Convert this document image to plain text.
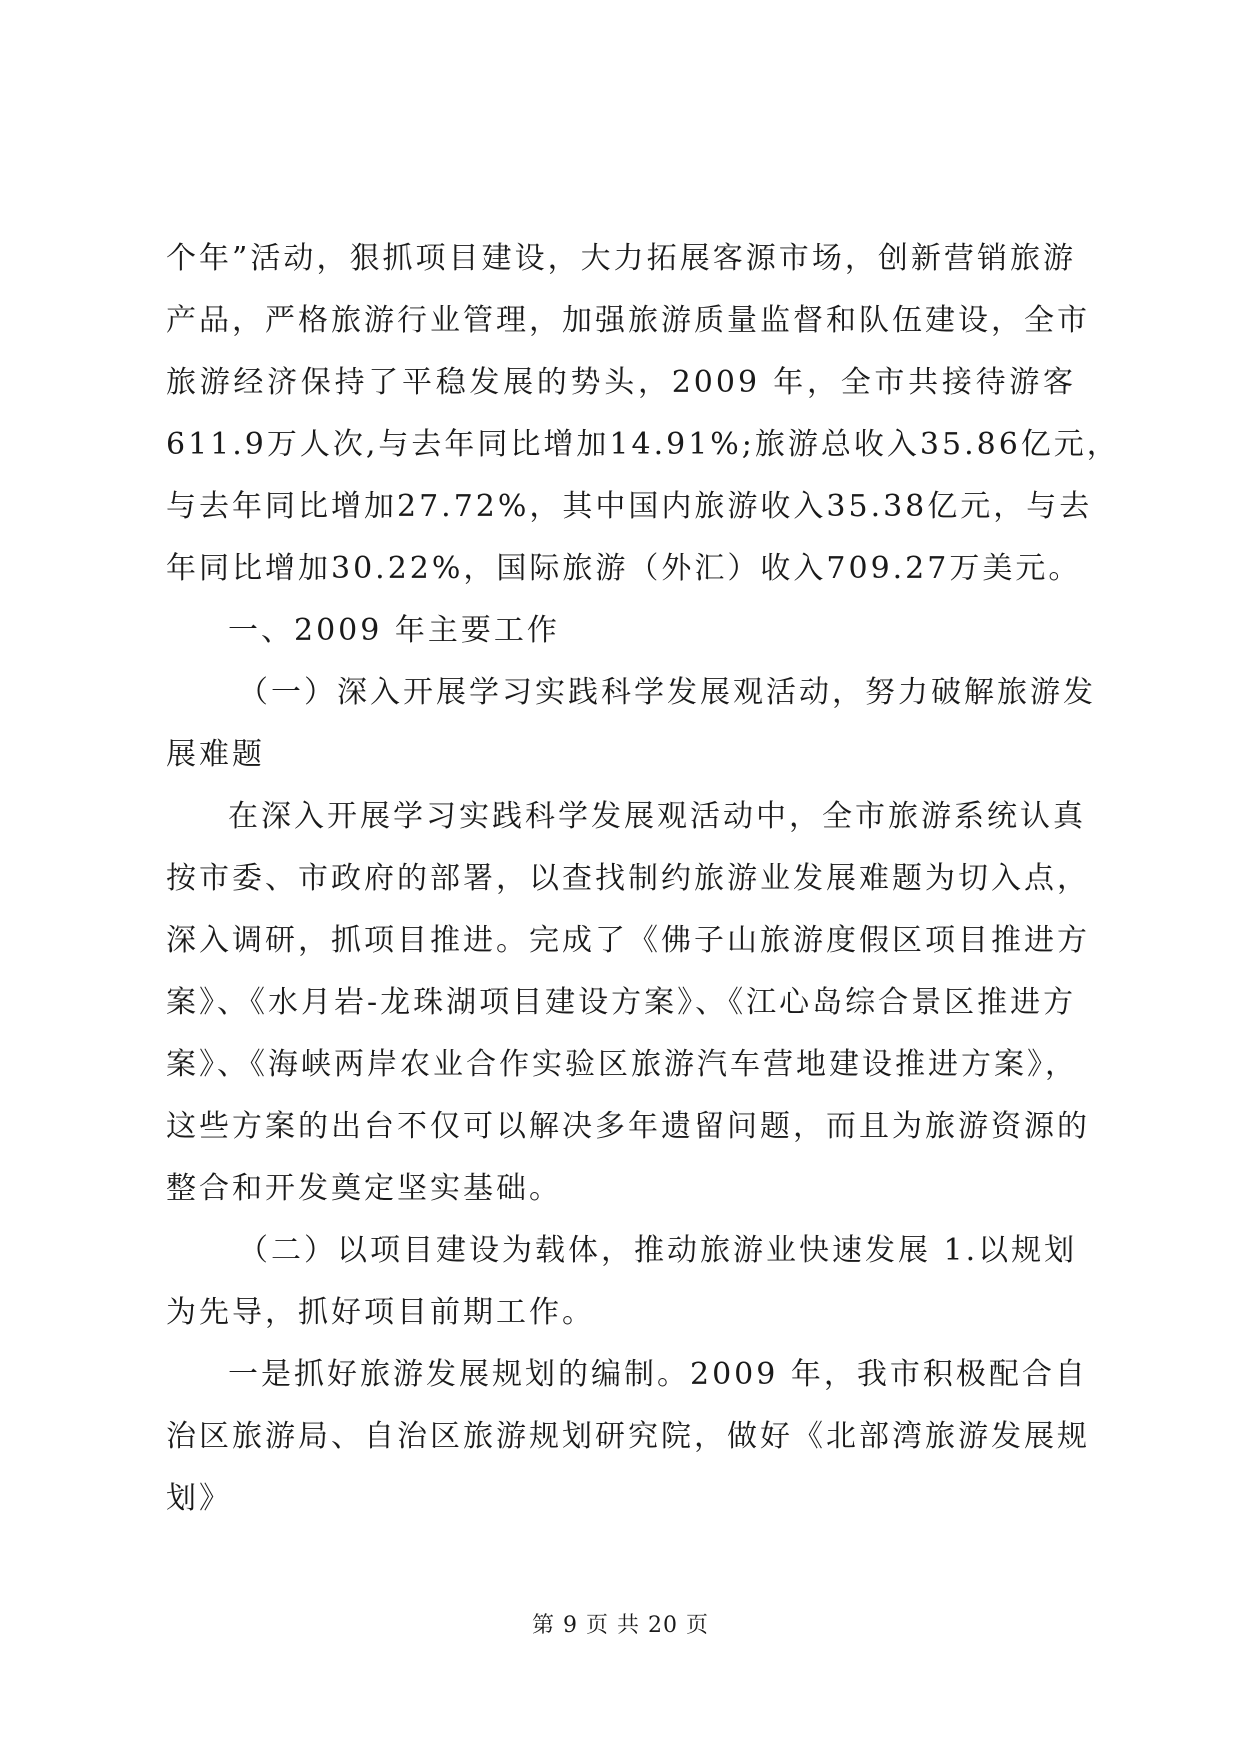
个年”活动，狠抓项目建设，大力拓展客源市场，创新营销旅游
产品，严格旅游行业管理，加强旅游质量监督和队伍建设，全市
旅游经济保持了平稳发展的势头，2009 年，全市共接待游客
611.9万人次,与去年同比增加14.91%;旅游总收入35.86亿元，
与去年同比增加27.72%，其中国内旅游收入35.38亿元，与去
年同比增加30.22%，国际旅游（外汇）收入709.27万美元。
一、2009 年主要工作
（一）深入开展学习实践科学发展观活动，努力破解旅游发
展难题
在深入开展学习实践科学发展观活动中，全市旅游系统认真
按市委、市政府的部署，以查找制约旅游业发展难题为切入点，
深入调研，抓项目推进。完成了《佛子山旅游度假区项目推进方
案》、《水月岩-龙珠湖项目建设方案》、《江心岛综合景区推进方
案》、《海峡两岸农业合作实验区旅游汽车营地建设推进方案》，
这些方案的出台不仅可以解决多年遗留问题，而且为旅游资源的
整合和开发奠定坚实基础。
（二）以项目建设为载体，推动旅游业快速发展 1.以规划
为先导，抓好项目前期工作。
一是抓好旅游发展规划的编制。2009 年，我市积极配合自
治区旅游局、自治区旅游规划研究院，做好《北部湾旅游发展规
划》
第 9 页 共 20 页
